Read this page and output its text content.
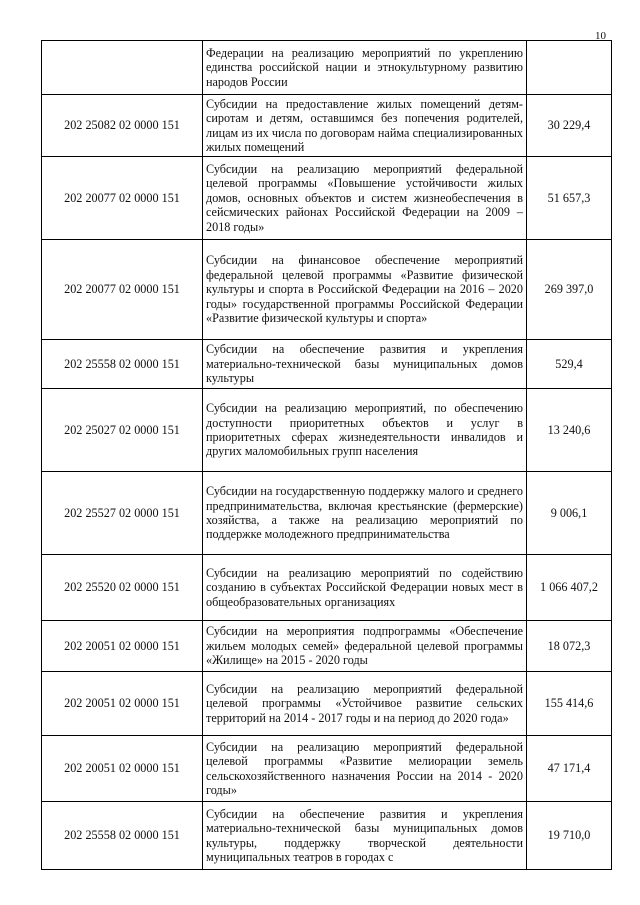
10
	Федерации на реализацию мероприятий по укреплению единства российской нации и этнокультурному развитию народов России	
202 25082 02 0000 151	Субсидии на предоставление жилых помещений детям-сиротам и детям, оставшимся без попечения родителей, лицам из их числа по договорам найма специализированных жилых помещений	30 229,4
202 20077 02 0000 151	Субсидии на реализацию мероприятий федеральной целевой программы «Повышение устойчивости жилых домов, основных объектов и систем жизнеобеспечения в сейсмических районах Российской Федерации на 2009 – 2018 годы»	51 657,3
202 20077 02 0000 151	Субсидии на финансовое обеспечение мероприятий федеральной целевой программы «Развитие физической культуры и спорта в Российской Федерации на 2016 – 2020 годы» государственной программы Российской Федерации «Развитие физической культуры и спорта»	269 397,0
202 25558 02 0000 151	Субсидии на обеспечение развития и укрепления материально-технической базы муниципальных домов культуры	529,4
202 25027 02 0000 151	Субсидии на реализацию мероприятий, по обеспечению доступности приоритетных объектов и услуг в приоритетных сферах жизнедеятельности инвалидов и других маломобильных групп населения	13 240,6
202 25527 02 0000 151	Субсидии на государственную поддержку малого и среднего предпринимательства, включая крестьянские (фермерские) хозяйства, а также на реализацию мероприятий по поддержке молодежного предпринимательства	9 006,1
202 25520 02 0000 151	Субсидии на реализацию мероприятий по содействию созданию в субъектах Российской Федерации новых мест в общеобразовательных организациях	1 066 407,2
202 20051 02 0000 151	Субсидии на мероприятия подпрограммы «Обеспечение жильем молодых семей» федеральной целевой программы «Жилище» на 2015 - 2020 годы	18 072,3
202 20051 02 0000 151	Субсидии на реализацию мероприятий федеральной целевой программы «Устойчивое развитие сельских территорий на 2014 - 2017 годы и на период до 2020 года»	155 414,6
202 20051 02 0000 151	Субсидии на реализацию мероприятий федеральной целевой программы «Развитие мелиорации земель сельскохозяйственного назначения России на 2014 - 2020 годы»	47 171,4
202 25558 02 0000 151	Субсидии на обеспечение развития и укрепления материально-технической базы муниципальных домов культуры, поддержку творческой деятельности муниципальных театров в городах с	19 710,0
